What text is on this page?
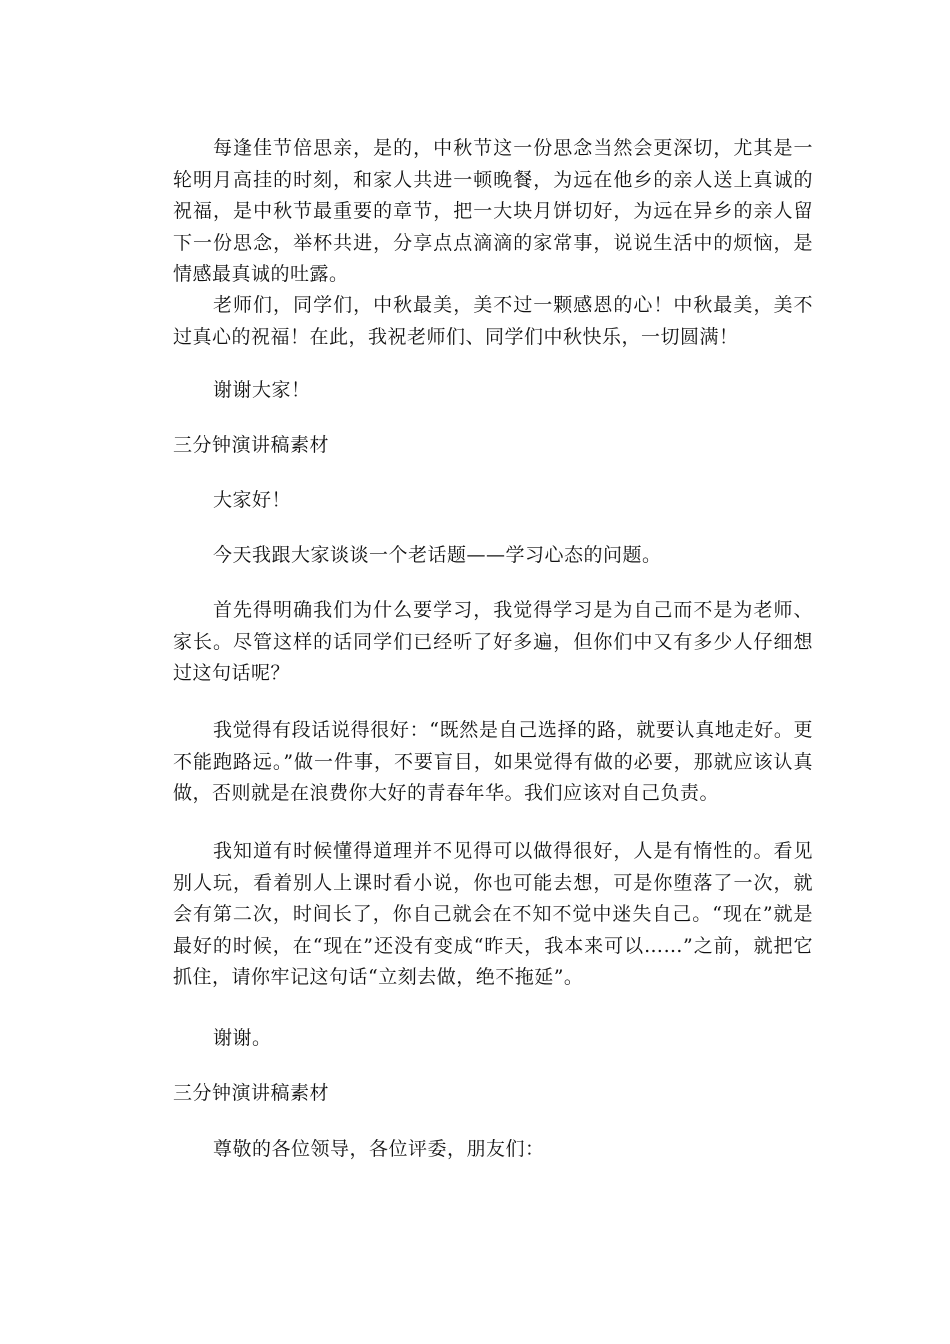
每逢佳节倍思亲，是的，中秋节这一份思念当然会更深切，尤其是一轮明月高挂的时刻，和家人共进一顿晚餐，为远在他乡的亲人送上真诚的祝福，是中秋节最重要的章节，把一大块月饼切好，为远在异乡的亲人留下一份思念，举杯共进，分享点点滴滴的家常事，说说生活中的烦恼，是情感最真诚的吐露。

老师们，同学们，中秋最美，美不过一颗感恩的心！中秋最美，美不过真心的祝福！在此，我祝老师们、同学们中秋快乐，一切圆满！

谢谢大家！

三分钟演讲稿素材

大家好！

今天我跟大家谈谈一个老话题——学习心态的问题。

首先得明确我们为什么要学习，我觉得学习是为自己而不是为老师、家长。尽管这样的话同学们已经听了好多遍，但你们中又有多少人仔细想过这句话呢？

我觉得有段话说得很好：“既然是自己选择的路，就要认真地走好。更不能跑路远。”做一件事，不要盲目，如果觉得有做的必要，那就应该认真做，否则就是在浪费你大好的青春年华。我们应该对自己负责。

我知道有时候懂得道理并不见得可以做得很好，人是有惰性的。看见别人玩，看着别人上课时看小说，你也可能去想，可是你堕落了一次，就会有第二次，时间长了，你自己就会在不知不觉中迷失自己。“现在”就是最好的时候，在“现在”还没有变成“昨天，我本来可以……”之前，就把它抓住，请你牢记这句话“立刻去做，绝不拖延”。

谢谢。

三分钟演讲稿素材

尊敬的各位领导，各位评委，朋友们：
